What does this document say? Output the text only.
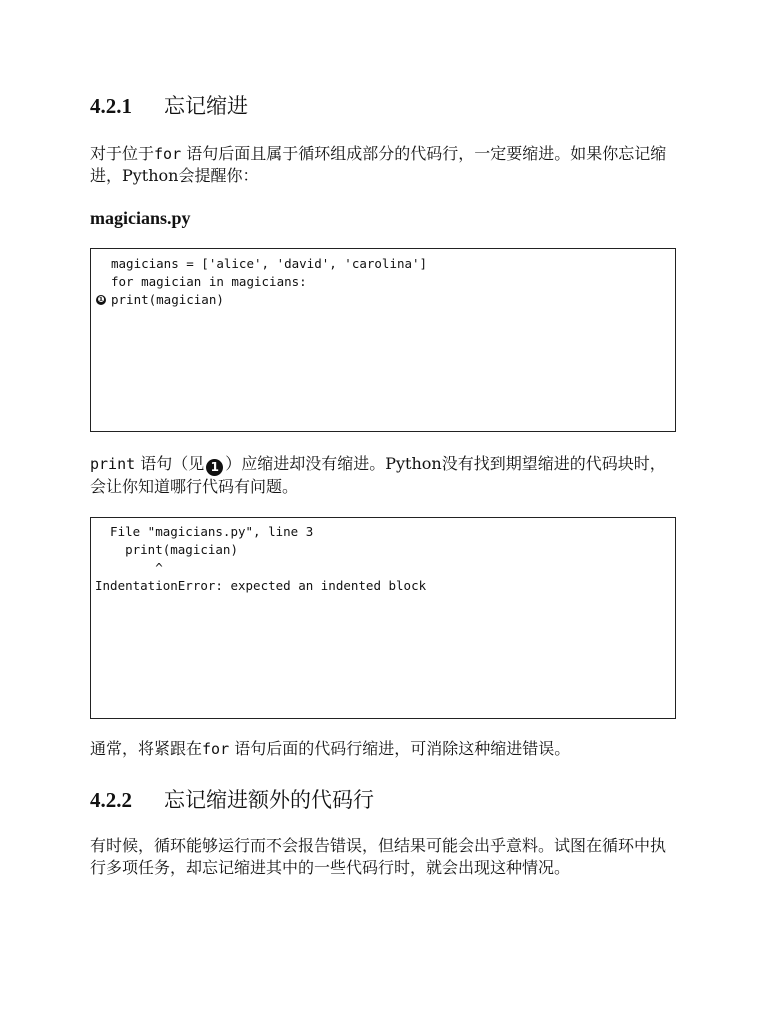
4.2.1 忘记缩进

对于位于for 语句后面且属于循环组成部分的代码行，一定要缩进。如果你忘记缩进，Python会提醒你：

magicians.py
magicians = ['alice', 'david', 'carolina']
for magician in magicians:
❶ print(magician)

print 语句（见 1 ）应缩进却没有缩进。Python没有找到期望缩进的代码块时，会让你知道哪行代码有问题。

File "magicians.py", line 3
print(magician)
^
IndentationError: expected an indented block

通常，将紧跟在for 语句后面的代码行缩进，可消除这种缩进错误。

4.2.2 忘记缩进额外的代码行

有时候，循环能够运行而不会报告错误，但结果可能会出乎意料。试图在循环中执行多项任务，却忘记缩进其中的一些代码行时，就会出现这种情况。
